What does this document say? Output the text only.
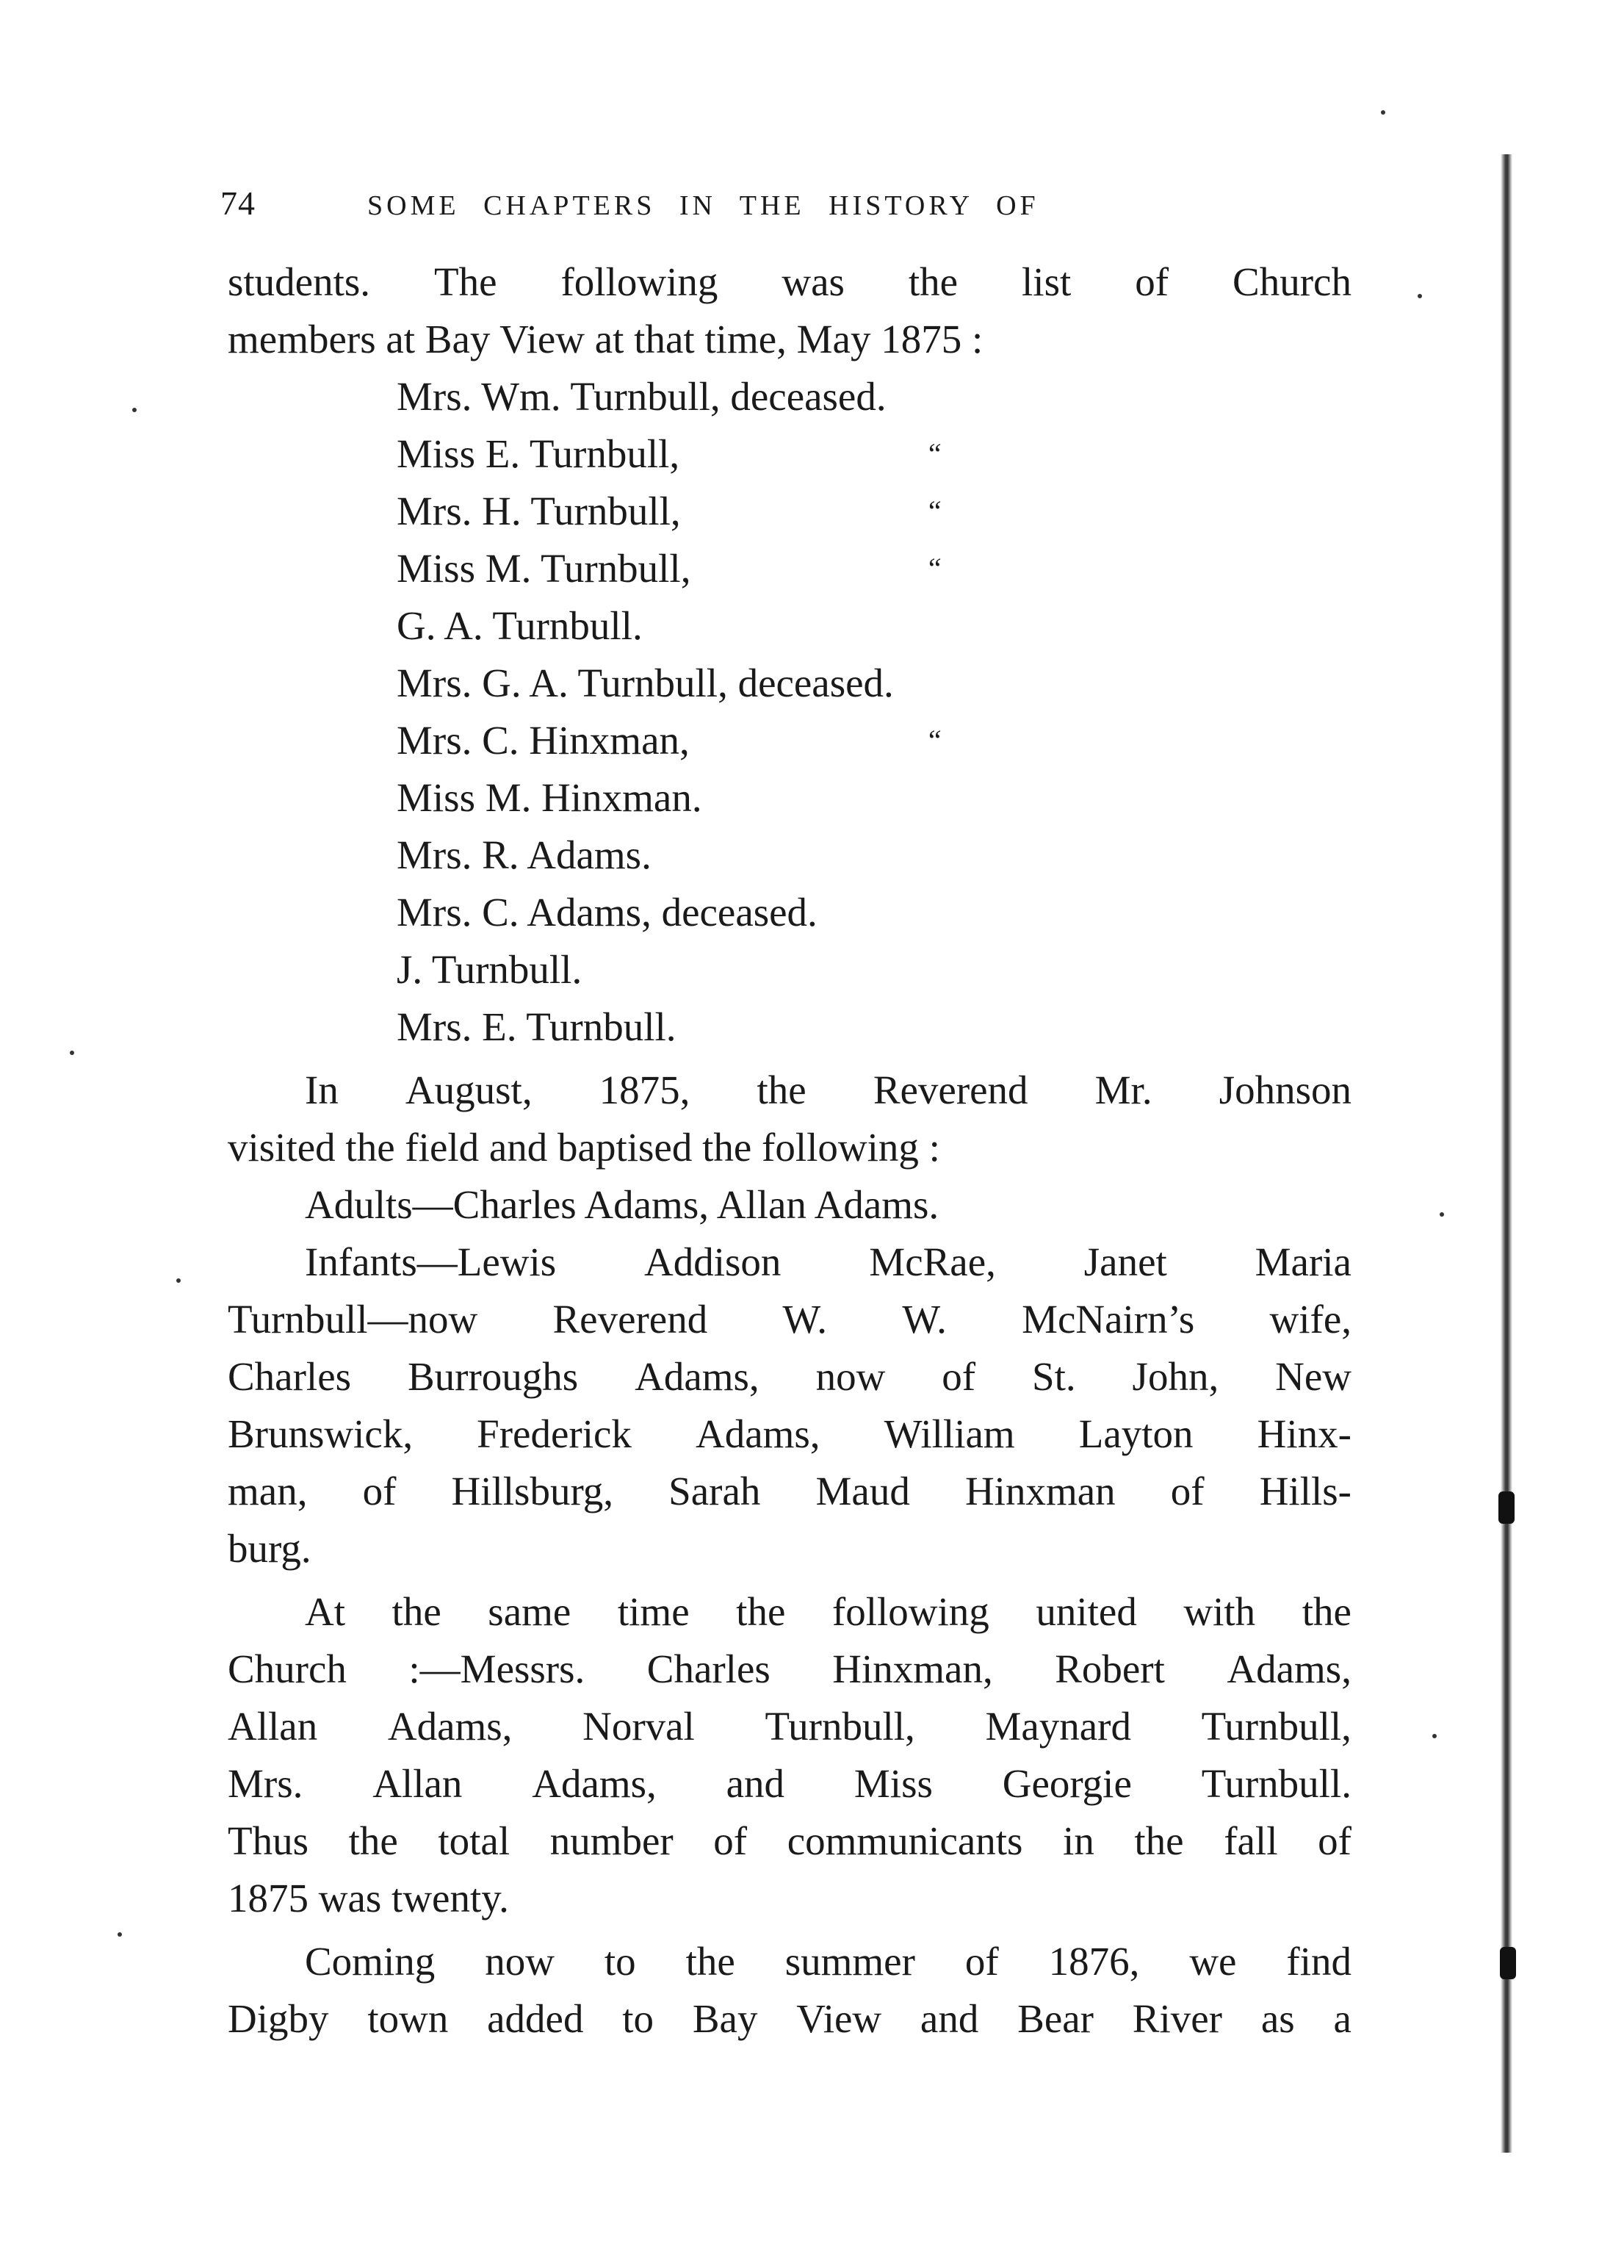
74	SOME CHAPTERS IN THE HISTORY OF
students. The following was the list of Church
members at Bay View at that time, May 1875 :
Mrs. Wm. Turnbull, deceased.
Miss E. Turnbull,	“
Mrs. H. Turnbull,	“
Miss M. Turnbull,	“
G. A. Turnbull.
Mrs. G. A. Turnbull, deceased.
Mrs. C. Hinxman,	“
Miss M. Hinxman.
Mrs. R. Adams.
Mrs. C. Adams, deceased.
J. Turnbull.
Mrs. E. Turnbull.
In August, 1875, the Reverend Mr. Johnson
visited the field and baptised the following :
Adults—Charles Adams, Allan Adams.
Infants—Lewis Addison McRae, Janet Maria
Turnbull—now Reverend W. W. McNairn’s wife,
Charles Burroughs Adams, now of St. John, New
Brunswick, Frederick Adams, William Layton Hinx-
man, of Hillsburg, Sarah Maud Hinxman of Hills-
burg.
At the same time the following united with the
Church :—Messrs. Charles Hinxman, Robert Adams,
Allan Adams, Norval Turnbull, Maynard Turnbull,
Mrs. Allan Adams, and Miss Georgie Turnbull.
Thus the total number of communicants in the fall of
1875 was twenty.
Coming now to the summer of 1876, we find
Digby town added to Bay View and Bear River as a
